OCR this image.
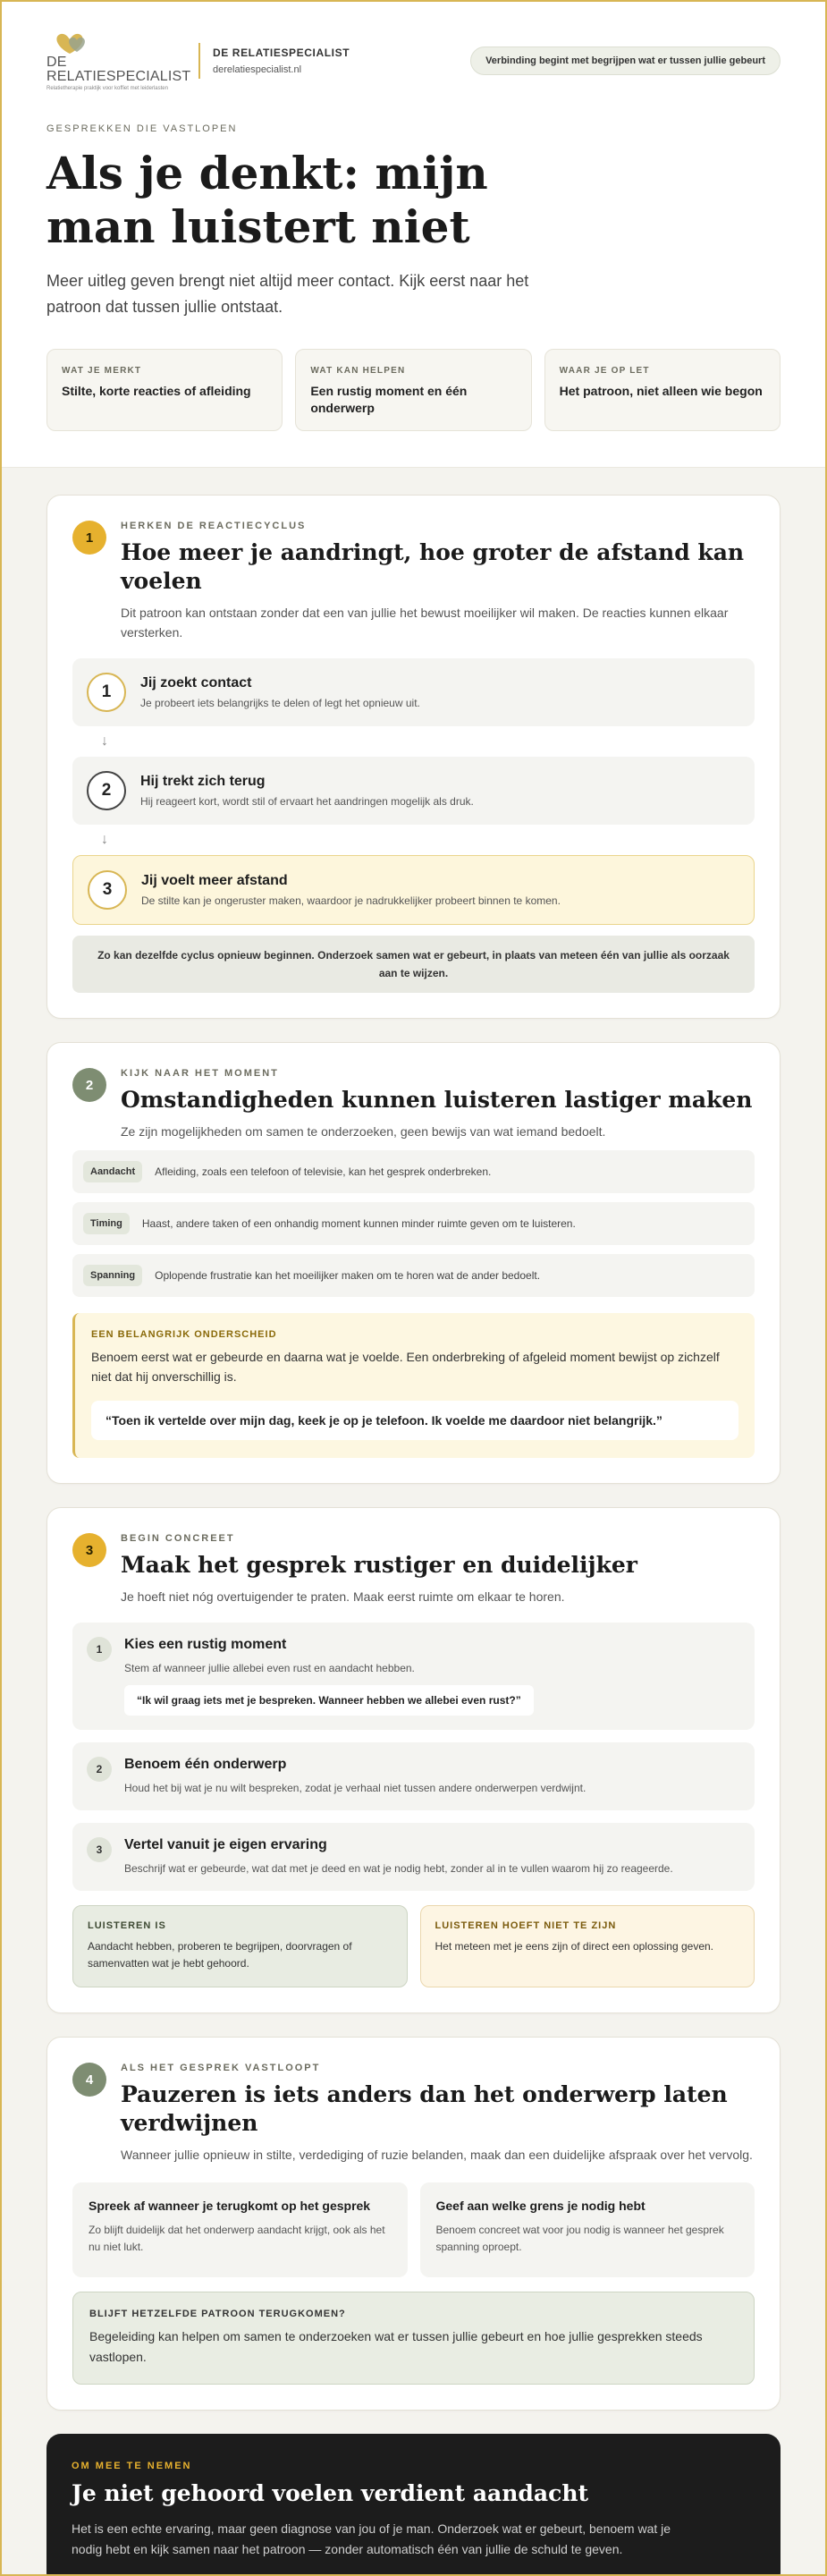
DE RELATIESPECIALIST
Relatietherapie praktijk voor koffiet met leiderlasten
DE RELATIESPECIALIST
derelatiespecialist.nl
Verbinding begint met begrijpen wat er tussen jullie gebeurt
GESPREKKEN DIE VASTLOPEN
Als je denkt: mijn man luistert niet

Meer uitleg geven brengt niet altijd meer contact. Kijk eerst naar het patroon dat tussen jullie ontstaat.

WAT JE MERKT
Stilte, korte reacties of afleiding
WAT KAN HELPEN
Een rustig moment en één onderwerp
WAAR JE OP LET
Het patroon, niet alleen wie begon
1
HERKEN DE REACTIECYCLUS
Hoe meer je aandringt, hoe groter de afstand kan voelen

Dit patroon kan ontstaan zonder dat een van jullie het bewust moeilijker wil maken. De reacties kunnen elkaar versterken.

1	Jij zoekt contact
Je probeert iets belangrijks te delen of legt het opnieuw uit.
↓
2	Hij trekt zich terug
Hij reageert kort, wordt stil of ervaart het aandringen mogelijk als druk.
↓
3	Jij voelt meer afstand
De stilte kan je ongeruster maken, waardoor je nadrukkelijker probeert binnen te komen.
Zo kan dezelfde cyclus opnieuw beginnen. Onderzoek samen wat er gebeurt, in plaats van meteen één van jullie als oorzaak aan te wijzen.
2
KIJK NAAR HET MOMENT
Omstandigheden kunnen luisteren lastiger maken

Ze zijn mogelijkheden om samen te onderzoeken, geen bewijs van wat iemand bedoelt.

Aandacht	Afleiding, zoals een telefoon of televisie, kan het gesprek onderbreken.
Timing	Haast, andere taken of een onhandig moment kunnen minder ruimte geven om te luisteren.
Spanning	Oplopende frustratie kan het moeilijker maken om te horen wat de ander bedoelt.
EEN BELANGRIJK ONDERSCHEID
Benoem eerst wat er gebeurde en daarna wat je voelde. Een onderbreking of afgeleid moment bewijst op zichzelf niet dat hij onverschillig is.
“Toen ik vertelde over mijn dag, keek je op je telefoon. Ik voelde me daardoor niet belangrijk.”
3
BEGIN CONCREET
Maak het gesprek rustiger en duidelijker

Je hoeft niet nóg overtuigender te praten. Maak eerst ruimte om elkaar te horen.

1	Kies een rustig moment
Stem af wanneer jullie allebei even rust en aandacht hebben.
“Ik wil graag iets met je bespreken. Wanneer hebben we allebei even rust?”
2	Benoem één onderwerp
Houd het bij wat je nu wilt bespreken, zodat je verhaal niet tussen andere onderwerpen verdwijnt.
3	Vertel vanuit je eigen ervaring
Beschrijf wat er gebeurde, wat dat met je deed en wat je nodig hebt, zonder al in te vullen waarom hij zo reageerde.
LUISTEREN IS
Aandacht hebben, proberen te begrijpen, doorvragen of samenvatten wat je hebt gehoord.
LUISTEREN HOEFT NIET TE ZIJN
Het meteen met je eens zijn of direct een oplossing geven.
4
ALS HET GESPREK VASTLOOPT
Pauzeren is iets anders dan het onderwerp laten verdwijnen

Wanneer jullie opnieuw in stilte, verdediging of ruzie belanden, maak dan een duidelijke afspraak over het vervolg.

Spreek af wanneer je terugkomt op het gesprek
Zo blijft duidelijk dat het onderwerp aandacht krijgt, ook als het nu niet lukt.
Geef aan welke grens je nodig hebt
Benoem concreet wat voor jou nodig is wanneer het gesprek spanning oproept.
BLIJFT HETZELFDE PATROON TERUGKOMEN?
Begeleiding kan helpen om samen te onderzoeken wat er tussen jullie gebeurt en hoe jullie gesprekken steeds vastlopen.
OM MEE TE NEMEN
Je niet gehoord voelen verdient aandacht
Het is een echte ervaring, maar geen diagnose van jou of je man. Onderzoek wat er gebeurt, benoem wat je nodig hebt en kijk samen naar het patroon — zonder automatisch één van jullie de schuld te geven.
